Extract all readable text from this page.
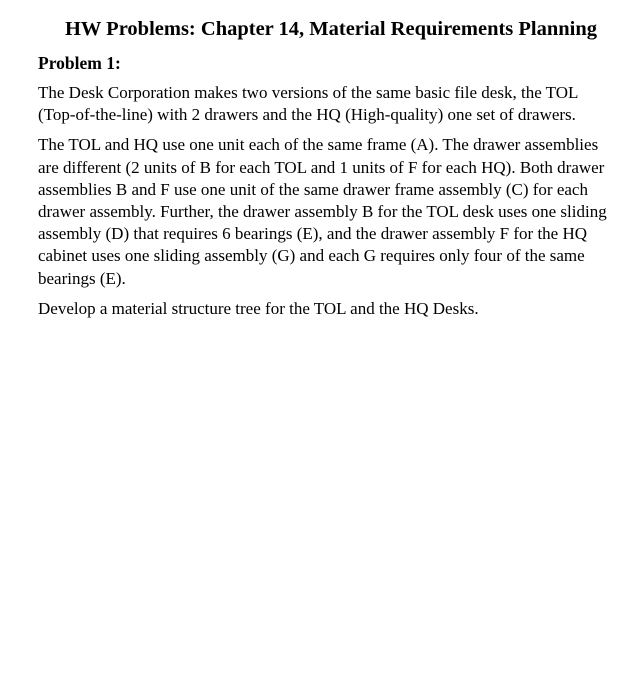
HW Problems: Chapter 14, Material Requirements Planning
Problem 1:

The Desk Corporation makes two versions of the same basic file desk, the TOL (Top-of-the-line) with 2 drawers and the HQ (High-quality) one set of drawers.

The TOL and HQ use one unit each of the same frame (A). The drawer assemblies are different (2 units of B for each TOL and 1 units of F for each HQ). Both drawer assemblies B and F use one unit of the same drawer frame assembly (C) for each drawer assembly. Further, the drawer assembly B for the TOL desk uses one sliding assembly (D) that requires 6 bearings (E), and the drawer assembly F for the HQ cabinet uses one sliding assembly (G) and each G requires only four of the same bearings (E).

Develop a material structure tree for the TOL and the HQ Desks.
